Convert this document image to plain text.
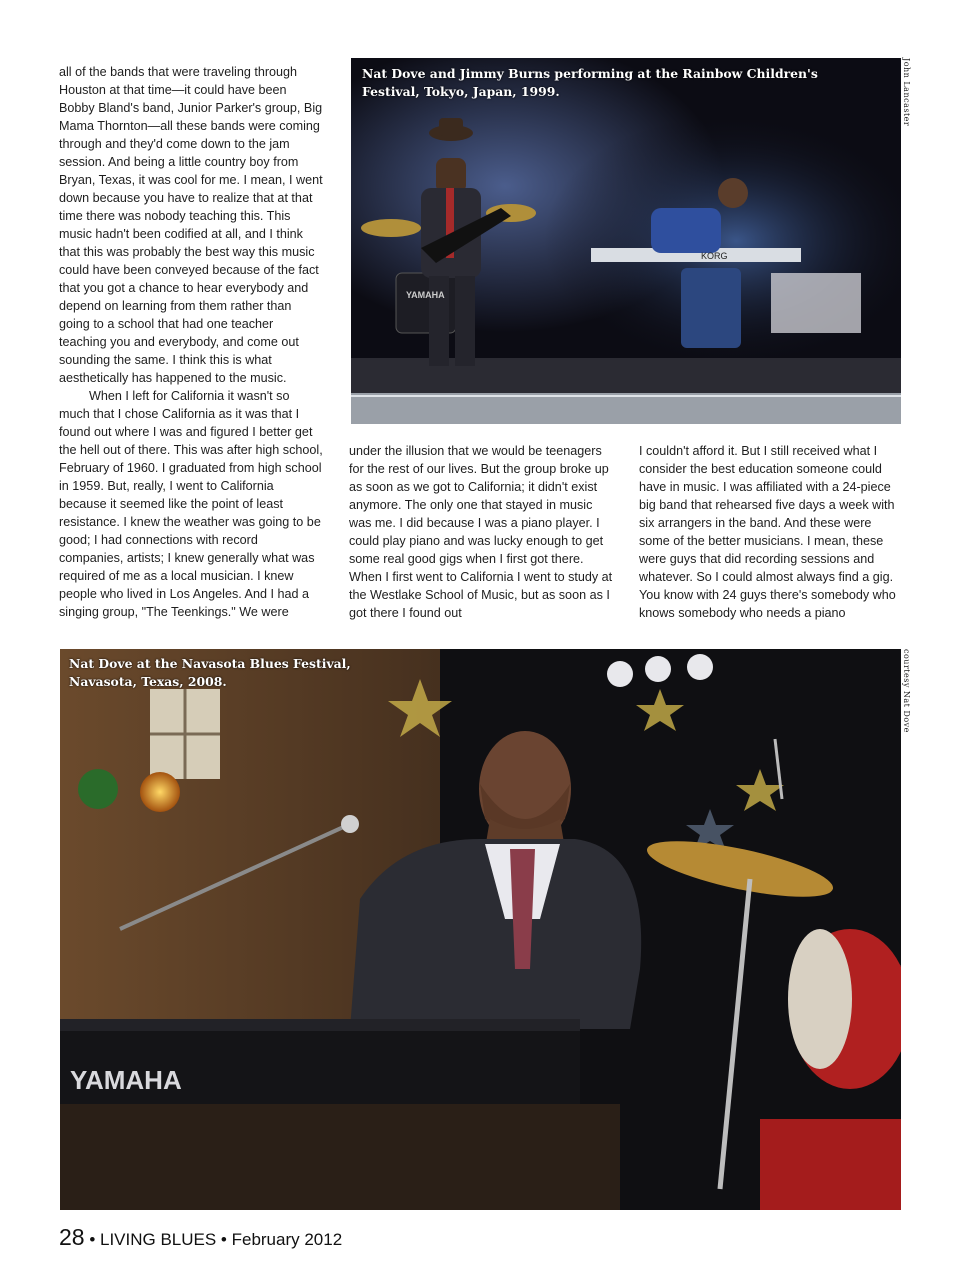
all of the bands that were traveling through Houston at that time—it could have been Bobby Bland's band, Junior Parker's group, Big Mama Thornton—all these bands were coming through and they'd come down to the jam session. And being a little country boy from Bryan, Texas, it was cool for me. I mean, I went down because you have to realize that at that time there was nobody teaching this. This music hadn't been codified at all, and I think that this was probably the best way this music could have been conveyed because of the fact that you got a chance to hear everybody and depend on learning from them rather than going to a school that had one teacher teaching you and everybody, and come out sounding the same. I think this is what aesthetically has happened to the music.

When I left for California it wasn't so much that I chose California as it was that I found out where I was and figured I better get the hell out of there. This was after high school, February of 1960. I graduated from high school in 1959. But, really, I went to California because it seemed like the point of least resistance. I knew the weather was going to be good; I had connections with record companies, artists; I knew generally what was required of me as a local musician. I knew people who lived in Los Angeles. And I had a singing group, "The Teenkings." We were

KORG
YAMAHA
Nat Dove and Jimmy Burns performing at the Rainbow Children's Festival, Tokyo, Japan, 1999.	John Lancaster

under the illusion that we would be teenagers for the rest of our lives. But the group broke up as soon as we got to California; it didn't exist anymore. The only one that stayed in music was me. I did because I was a piano player. I could play piano and was lucky enough to get some real good gigs when I first got there. When I first went to California I went to study at the Westlake School of Music, but as soon as I got there I found out

I couldn't afford it. But I still received what I consider the best education someone could have in music. I was affiliated with a 24-piece big band that rehearsed five days a week with six arrangers in the band. And these were some of the better musicians. I mean, these were guys that did recording sessions and whatever. So I could almost always find a gig. You know with 24 guys there's somebody who knows somebody who needs a piano

YAMAHA
Nat Dove at the Navasota Blues Festival, Navasota, Texas, 2008.	courtesy Nat Dove
28 • LIVING BLUES • February 2012
